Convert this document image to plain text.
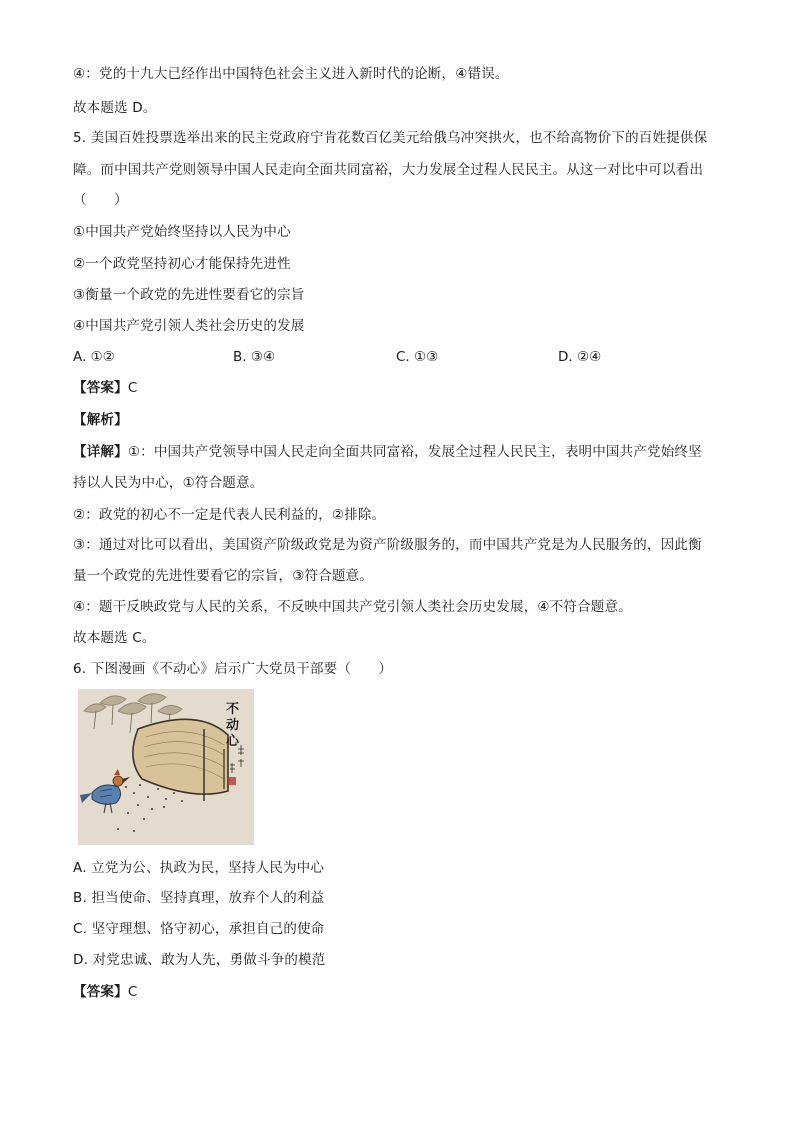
④：党的十九大已经作出中国特色社会主义进入新时代的论断，④错误。
故本题选 D。
5. 美国百姓投票选举出来的民主党政府宁肯花数百亿美元给俄乌冲突拱火，也不给高物价下的百姓提供保
障。而中国共产党则领导中国人民走向全面共同富裕，大力发展全过程人民民主。从这一对比中可以看出
（　　）
①中国共产党始终坚持以人民为中心
②一个政党坚持初心才能保持先进性
③衡量一个政党的先进性要看它的宗旨
④中国共产党引领人类社会历史的发展
A. ①②	B. ③④	C. ①③	D. ②④
【答案】C
【解析】
【详解】①：中国共产党领导中国人民走向全面共同富裕，发展全过程人民民主，表明中国共产党始终坚
持以人民为中心，①符合题意。
②：政党的初心不一定是代表人民利益的，②排除。
③：通过对比可以看出，美国资产阶级政党是为资产阶级服务的，而中国共产党是为人民服务的，因此衡
量一个政党的先进性要看它的宗旨，③符合题意。
④：题干反映政党与人民的关系，不反映中国共产党引领人类社会历史发展，④不符合题意。
故本题选 C。
6. 下图漫画《不动心》启示广大党员干部要（　　）
不 动 心
A. 立党为公、执政为民，坚持人民为中心
B. 担当使命、坚持真理，放弃个人的利益
C. 坚守理想、恪守初心，承担自己的使命
D. 对党忠诚、敢为人先，勇做斗争的模范
【答案】C
